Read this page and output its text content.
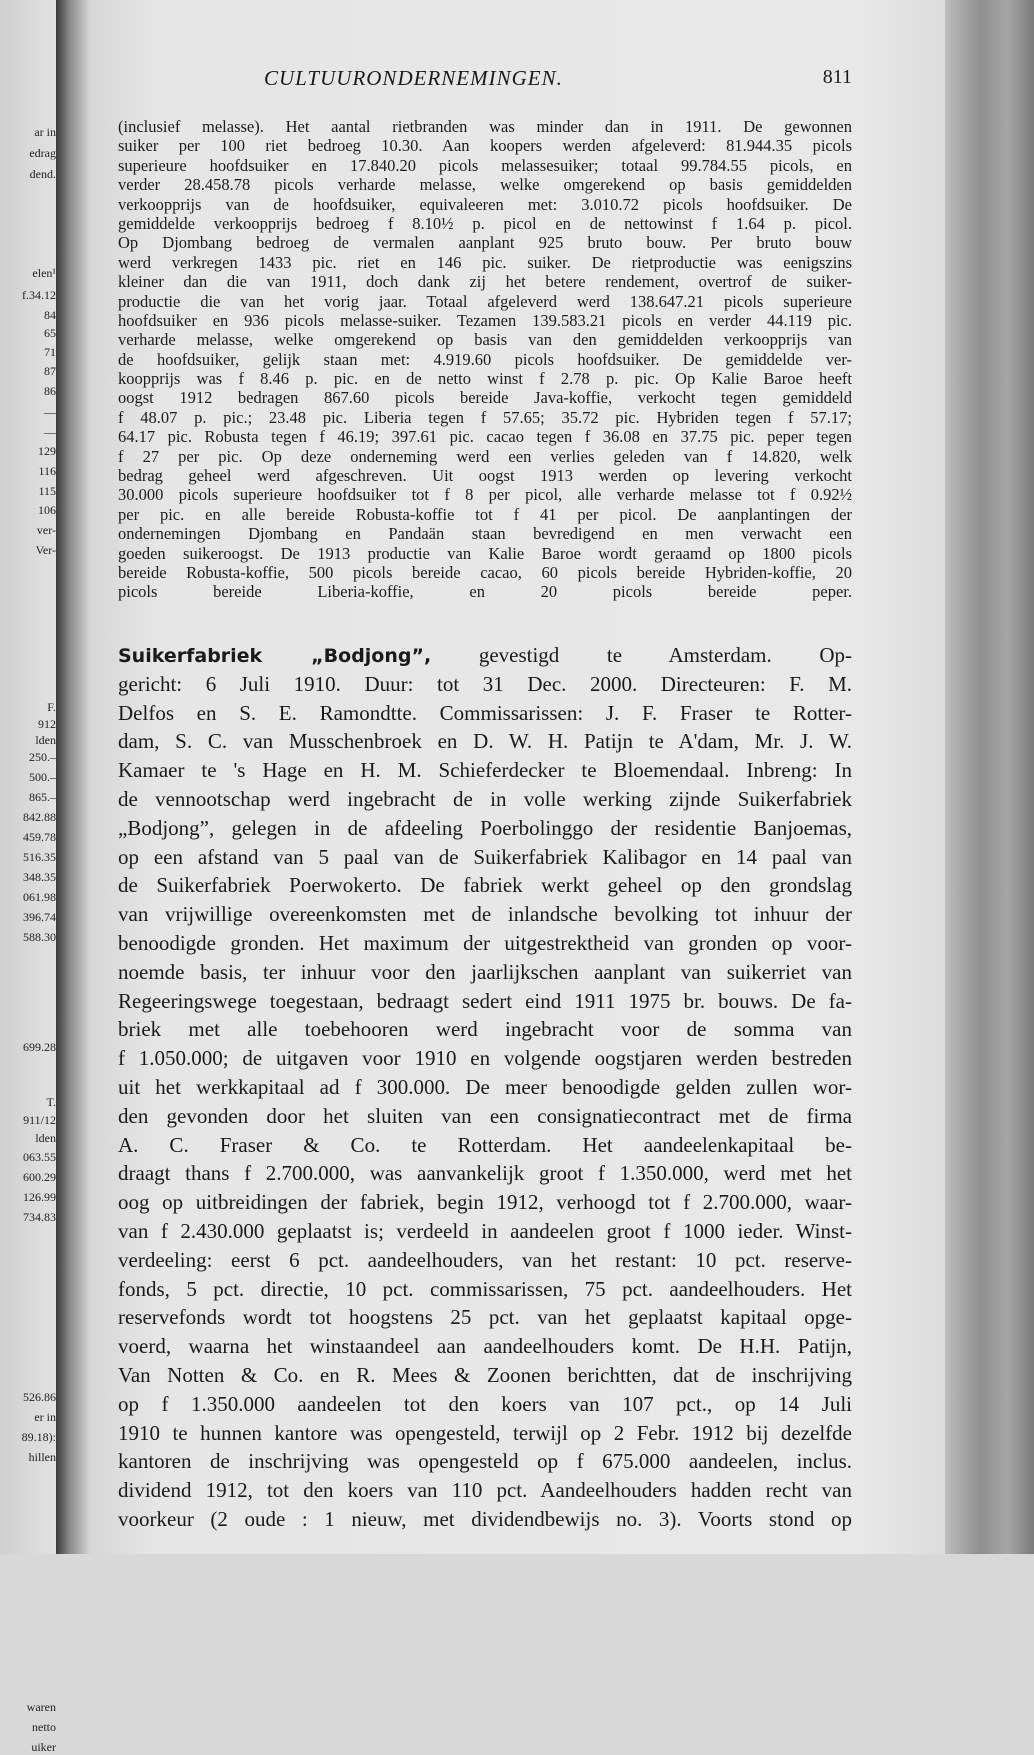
ar in
edrag
dend.
elen¹
f.34.12
84
65
71
87
86
—
—
129
116
115
106
ver-
Ver-
F.
912
lden
250.–
500.–
865.–
842.88
459.78
516.35
348.35
061.98
396.74
588.30
699.28
T.
911/12
lden
063.55
600.29
126.99
734.83
526.86
er in
89.18):
hillen
waren
netto
uiker
CULTUURONDERNEMINGEN.	811
(inclusief melasse). Het aantal rietbranden was minder dan in 1911. De gewonnen
suiker per 100 riet bedroeg 10.30. Aan koopers werden afgeleverd: 81.944.35 picols
superieure hoofdsuiker en 17.840.20 picols melassesuiker; totaal 99.784.55 picols, en
verder 28.458.78 picols verharde melasse, welke omgerekend op basis gemiddelden
verkoopprijs van de hoofdsuiker, equivaleeren met: 3.010.72 picols hoofdsuiker. De
gemiddelde verkoopprijs bedroeg f 8.10½ p. picol en de nettowinst f 1.64 p. picol.
Op Djombang bedroeg de vermalen aanplant 925 bruto bouw. Per bruto bouw
werd verkregen 1433 pic. riet en 146 pic. suiker. De rietproductie was eenigszins
kleiner dan die van 1911, doch dank zij het betere rendement, overtrof de suiker-
productie die van het vorig jaar. Totaal afgeleverd werd 138.647.21 picols superieure
hoofdsuiker en 936 picols melasse-suiker. Tezamen 139.583.21 picols en verder 44.119 pic.
verharde melasse, welke omgerekend op basis van den gemiddelden verkoopprijs van
de hoofdsuiker, gelijk staan met: 4.919.60 picols hoofdsuiker. De gemiddelde ver-
koopprijs was f 8.46 p. pic. en de netto winst f 2.78 p. pic. Op Kalie Baroe heeft
oogst 1912 bedragen 867.60 picols bereide Java-koffie, verkocht tegen gemiddeld
f 48.07 p. pic.; 23.48 pic. Liberia tegen f 57.65; 35.72 pic. Hybriden tegen f 57.17;
64.17 pic. Robusta tegen f 46.19; 397.61 pic. cacao tegen f 36.08 en 37.75 pic. peper tegen
f 27 per pic. Op deze onderneming werd een verlies geleden van f 14.820, welk
bedrag geheel werd afgeschreven. Uit oogst 1913 werden op levering verkocht
30.000 picols superieure hoofdsuiker tot f 8 per picol, alle verharde melasse tot f 0.92½
per pic. en alle bereide Robusta-koffie tot f 41 per picol. De aanplantingen der
ondernemingen Djombang en Pandaän staan bevredigend en men verwacht een
goeden suikeroogst. De 1913 productie van Kalie Baroe wordt geraamd op 1800 picols
bereide Robusta-koffie, 500 picols bereide cacao, 60 picols bereide Hybriden-koffie, 20
picols bereide Liberia-koffie, en 20 picols bereide peper.
Suikerfabriek „Bodjong”, gevestigd te Amsterdam. Op-
gericht: 6 Juli 1910. Duur: tot 31 Dec. 2000. Directeuren: F. M.
Delfos en S. E. Ramondtte. Commissarissen: J. F. Fraser te Rotter-
dam, S. C. van Musschenbroek en D. W. H. Patijn te A'dam, Mr. J. W.
Kamaer te 's Hage en H. M. Schieferdecker te Bloemendaal. Inbreng: In
de vennootschap werd ingebracht de in volle werking zijnde Suikerfabriek
„Bodjong”, gelegen in de afdeeling Poerbolinggo der residentie Banjoemas,
op een afstand van 5 paal van de Suikerfabriek Kalibagor en 14 paal van
de Suikerfabriek Poerwokerto. De fabriek werkt geheel op den grondslag
van vrijwillige overeenkomsten met de inlandsche bevolking tot inhuur der
benoodigde gronden. Het maximum der uitgestrektheid van gronden op voor-
noemde basis, ter inhuur voor den jaarlijkschen aanplant van suikerriet van
Regeeringswege toegestaan, bedraagt sedert eind 1911 1975 br. bouws. De fa-
briek met alle toebehooren werd ingebracht voor de somma van
f 1.050.000; de uitgaven voor 1910 en volgende oogstjaren werden bestreden
uit het werkkapitaal ad f 300.000. De meer benoodigde gelden zullen wor-
den gevonden door het sluiten van een consignatiecontract met de firma
A. C. Fraser & Co. te Rotterdam. Het aandeelenkapitaal be-
draagt thans f 2.700.000, was aanvankelijk groot f 1.350.000, werd met het
oog op uitbreidingen der fabriek, begin 1912, verhoogd tot f 2.700.000, waar-
van f 2.430.000 geplaatst is; verdeeld in aandeelen groot f 1000 ieder. Winst-
verdeeling: eerst 6 pct. aandeelhouders, van het restant: 10 pct. reserve-
fonds, 5 pct. directie, 10 pct. commissarissen, 75 pct. aandeelhouders. Het
reservefonds wordt tot hoogstens 25 pct. van het geplaatst kapitaal opge-
voerd, waarna het winstaandeel aan aandeelhouders komt. De H.H. Patijn,
Van Notten & Co. en R. Mees & Zoonen berichtten, dat de inschrijving
op f 1.350.000 aandeelen tot den koers van 107 pct., op 14 Juli
1910 te hunnen kantore was opengesteld, terwijl op 2 Febr. 1912 bij dezelfde
kantoren de inschrijving was opengesteld op f 675.000 aandeelen, inclus.
dividend 1912, tot den koers van 110 pct. Aandeelhouders hadden recht van
voorkeur (2 oude : 1 nieuw, met dividendbewijs no. 3). Voorts stond op
